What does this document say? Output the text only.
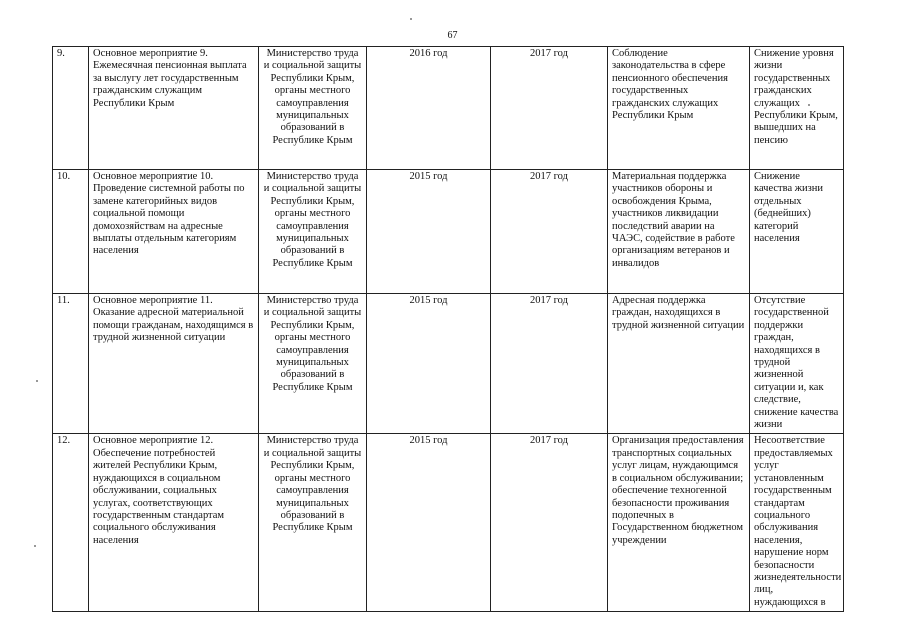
67
9.	Основное мероприятие 9. Ежемесячная пенсионная выплата за выслугу лет государственным гражданским служащим Республики Крым	Министерство труда и социальной защиты Республики Крым, органы местного самоуправления муниципальных образований в Республике Крым	2016 год	2017 год	Соблюдение законодательства в сфере пенсионного обеспечения государственных гражданских служащих Республики Крым	Снижение уровня жизни государственных гражданских служащих Республики Крым, вышедших на пенсию
10.	Основное мероприятие 10. Проведение системной работы по замене категорийных видов социальной помощи домохозяйствам на адресные выплаты отдельным категориям населения	Министерство труда и социальной защиты Республики Крым, органы местного самоуправления муниципальных образований в Республике Крым	2015 год	2017 год	Материальная поддержка участников обороны и освобождения Крыма, участников ликвидации последствий аварии на ЧАЭС, содействие в работе организациям ветеранов и инвалидов	Снижение качества жизни отдельных (беднейших) категорий населения
11.	Основное мероприятие 11. Оказание адресной материальной помощи гражданам, находящимся в трудной жизненной ситуации	Министерство труда и социальной защиты Республики Крым, органы местного самоуправления муниципальных образований в Республике Крым	2015 год	2017 год	Адресная поддержка граждан, находящихся в трудной жизненной ситуации	Отсутствие государственной поддержки граждан, находящихся в трудной жизненной ситуации и, как следствие, снижение качества жизни
12.	Основное мероприятие 12. Обеспечение потребностей жителей Республики Крым, нуждающихся в социальном обслуживании, социальных услугах, соответствующих государственным стандартам социального обслуживания населения	Министерство труда и социальной защиты Республики Крым, органы местного самоуправления муниципальных образований в Республике Крым	2015 год	2017 год	Организация предоставления транспортных социальных услуг лицам, нуждающимся в социальном обслуживании; обеспечение техногенной безопасности проживания подопечных в Государственном бюджетном учреждении	Несоответствие предоставляемых услуг установленным государственным стандартам социального обслуживания населения, нарушение норм безопасности жизнедеятельности лиц, нуждающихся в
